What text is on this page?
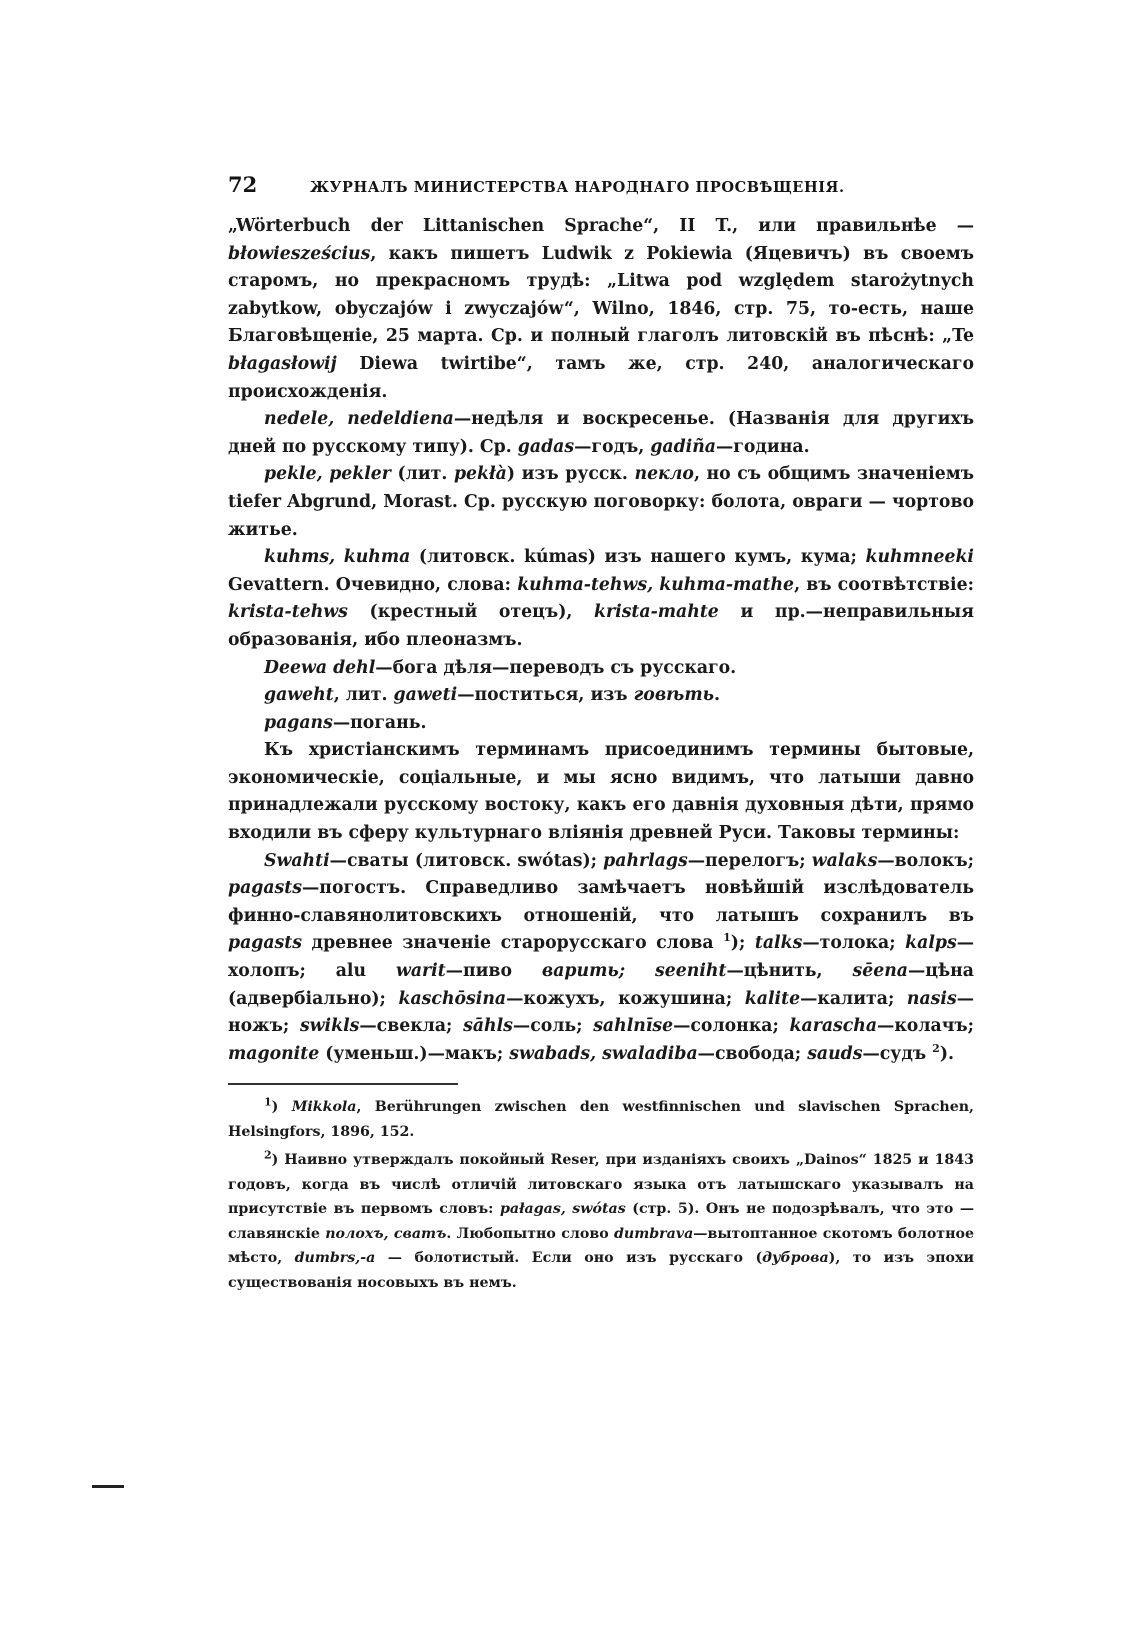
72	ЖУРНАЛЪ МИНИСТЕРСТВА НАРОДНАГО ПРОСВѢЩЕНІЯ.

„Wörterbuch der Littanischen Sprache“, II T., или правильнѣе — błowiesześcius, какъ пишетъ Ludwik z Pokiewia (Яцевичъ) въ своемъ старомъ, но прекрасномъ трудѣ: „Litwa pod względem starożytnych zabytkow, obyczajów i zwyczajów“, Wilno, 1846, стр. 75, то-есть, наше Благовѣщеніе, 25 марта. Ср. и полный глаголъ литовскій въ пѣснѣ: „Te błagasłowij Diewa twirtibe“, тамъ же, стр. 240, аналогическаго происхожденія.

nedele, nedeldiena—недѣля и воскресенье. (Названія для другихъ дней по русскому типу). Ср. gadas—годъ, gadiña—година.

pekle, pekler (лит. pekłà) изъ русск. пекло, но съ общимъ значеніемъ tiefer Abgrund, Morast. Ср. русскую поговорку: болота, овраги — чортово житье.

kuhms, kuhma (литовск. kúmas) изъ нашего кумъ, кума; kuhmneeki Gevattern. Очевидно, слова: kuhma-tehws, kuhma-mathe, въ соотвѣтствіе: krista-tehws (крестный отецъ), krista-mahte и пр.—неправильныя образованія, ибо плеоназмъ.

Deewa dehl—бога дѣля—переводъ съ русскаго.

gaweht, лит. gaweti—поститься, изъ говѣть.

pagans—погань.

Къ христіанскимъ терминамъ присоединимъ термины бытовые, экономическіе, соціальные, и мы ясно видимъ, что латыши давно принадлежали русскому востоку, какъ его давнія духовныя дѣти, прямо входили въ сферу культурнаго вліянія древней Руси. Таковы термины:

Swahti—сваты (литовск. swótas); pahrlags—перелогъ; walaks—волокъ; pagasts—погостъ. Справедливо замѣчаетъ новѣйшій изслѣдователь финно-славянолитовскихъ отношеній, что латышъ сохранилъ въ pagasts древнее значеніе старорусскаго слова $^1$); talks—толока; kalps—холопъ; alu warit—пиво варить; seeniht—цѣнить, sēena—цѣна (адвербіально); kaschōsina—кожухъ, кожушина; kalite—калита; nasis—ножъ; swikls—свекла; sāhls—соль; sahlnīse—солонка; karascha—колачъ; magonite (уменьш.)—макъ; swabads, swaladiba—свобода; sauds—судъ $^2$).

$^1$) Mikkola, Berührungen zwischen den westfinnischen und slavischen Sprachen, Helsingfors, 1896, 152.

$^2$) Наивно утверждалъ покойный Reser, при изданіяхъ своихъ „Dainos“ 1825 и 1843 годовъ, когда въ числѣ отличій литовскаго языка отъ латышскаго указывалъ на присутствіе въ первомъ словъ: pałagas, swótas (стр. 5). Онъ не подозрѣвалъ, что это — славянскіе полохъ, сватъ. Любопытно слово dumbrava—вытоптанное скотомъ болотное мѣсто, dumbrs,-a — болотистый. Если оно изъ русскаго (дуброва), то изъ эпохи существованія носовыхъ въ немъ.
